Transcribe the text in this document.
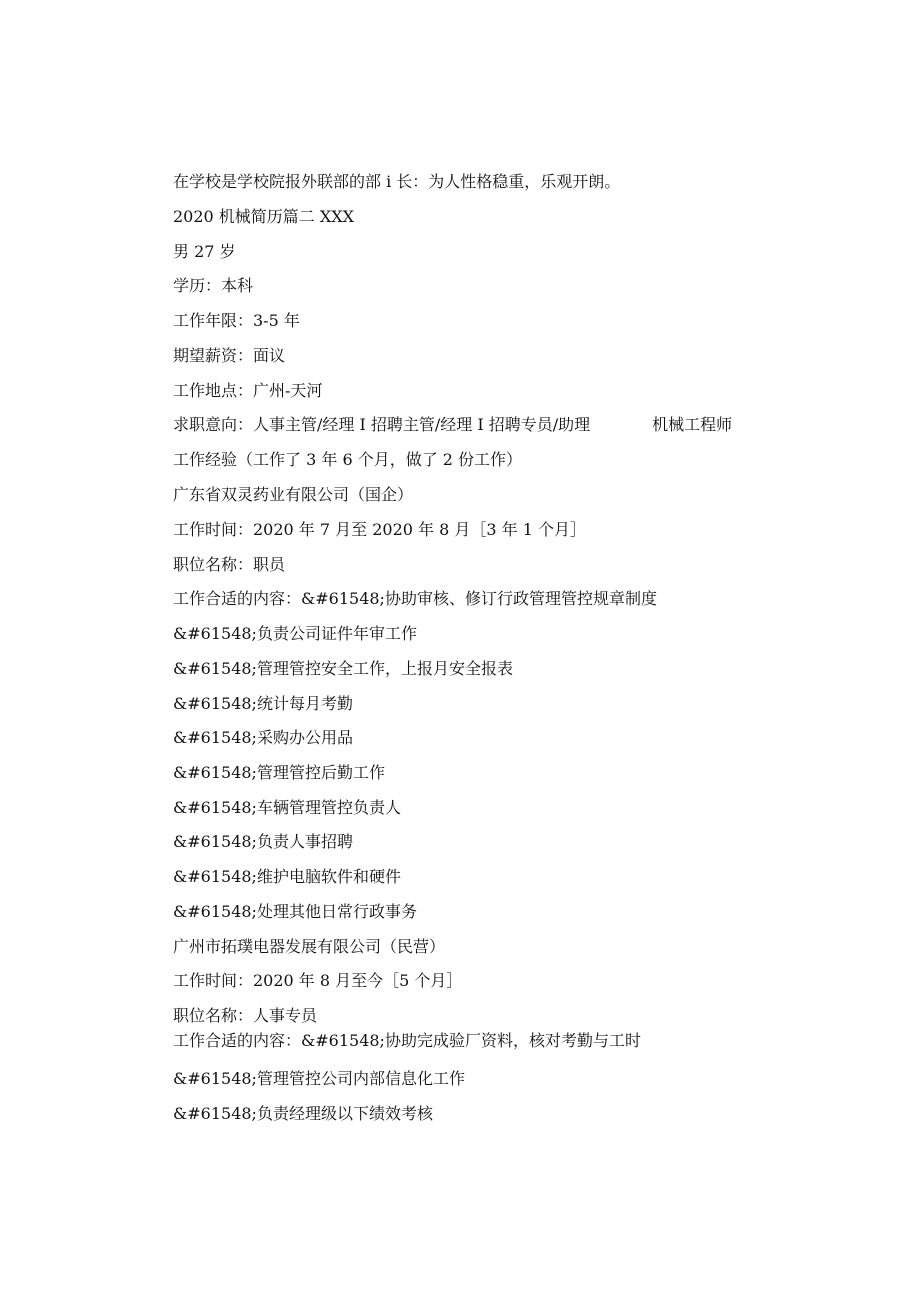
在学校是学校院报外联部的部 i 长：为人性格稳重，乐观开朗。
2020 机械简历篇二 XXX
男 27 岁
学历：本科
工作年限：3-5 年
期望薪资：面议
工作地点：广州-天河
求职意向：人事主管/经理 I 招聘主管/经理 I 招聘专员/助理	机械工程师
工作经验（工作了 3 年 6 个月，做了 2 份工作）
广东省双灵药业有限公司（国企）
工作时间：2020 年 7 月至 2020 年 8 月［3 年 1 个月］
职位名称：职员
工作合适的内容：&#61548;协助审核、修订行政管理管控规章制度
&#61548;负责公司证件年审工作
&#61548;管理管控安全工作，上报月安全报表
&#61548;统计每月考勤
&#61548;采购办公用品
&#61548;管理管控后勤工作
&#61548;车辆管理管控负责人
&#61548;负责人事招聘
&#61548;维护电脑软件和硬件
&#61548;处理其他日常行政事务
广州市拓璞电器发展有限公司（民营）
工作时间：2020 年 8 月至今［5 个月］
职位名称：人事专员
工作合适的内容：&#61548;协助完成验厂资料，核对考勤与工时
&#61548;管理管控公司内部信息化工作
&#61548;负责经理级以下绩效考核
